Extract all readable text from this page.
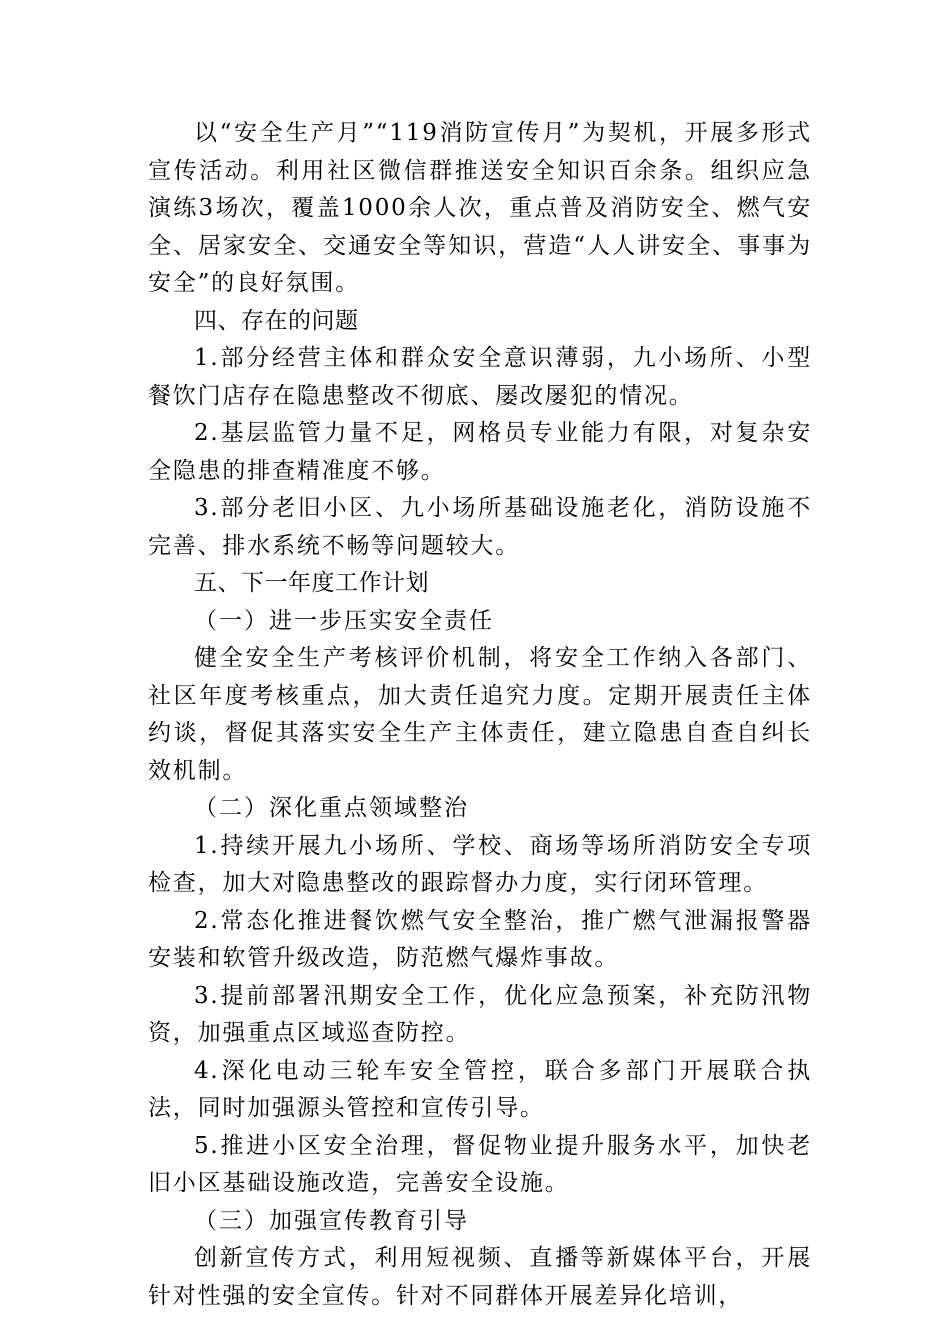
以“安全生产月”“119消防宣传月”为契机，开展多形式宣传活动。利用社区微信群推送安全知识百余条。组织应急演练3场次，覆盖1000余人次，重点普及消防安全、燃气安全、居家安全、交通安全等知识，营造“人人讲安全、事事为安全”的良好氛围。

四、存在的问题

1.部分经营主体和群众安全意识薄弱，九小场所、小型餐饮门店存在隐患整改不彻底、屡改屡犯的情况。

2.基层监管力量不足，网格员专业能力有限，对复杂安全隐患的排查精准度不够。

3.部分老旧小区、九小场所基础设施老化，消防设施不完善、排水系统不畅等问题较大。

五、下一年度工作计划

（一）进一步压实安全责任

健全安全生产考核评价机制，将安全工作纳入各部门、社区年度考核重点，加大责任追究力度。定期开展责任主体约谈，督促其落实安全生产主体责任，建立隐患自查自纠长效机制。

（二）深化重点领域整治

1.持续开展九小场所、学校、商场等场所消防安全专项检查，加大对隐患整改的跟踪督办力度，实行闭环管理。

2.常态化推进餐饮燃气安全整治，推广燃气泄漏报警器安装和软管升级改造，防范燃气爆炸事故。

3.提前部署汛期安全工作，优化应急预案，补充防汛物资，加强重点区域巡查防控。

4.深化电动三轮车安全管控，联合多部门开展联合执法，同时加强源头管控和宣传引导。

5.推进小区安全治理，督促物业提升服务水平，加快老旧小区基础设施改造，完善安全设施。

（三）加强宣传教育引导

创新宣传方式，利用短视频、直播等新媒体平台，开展针对性强的安全宣传。针对不同群体开展差异化培训，
